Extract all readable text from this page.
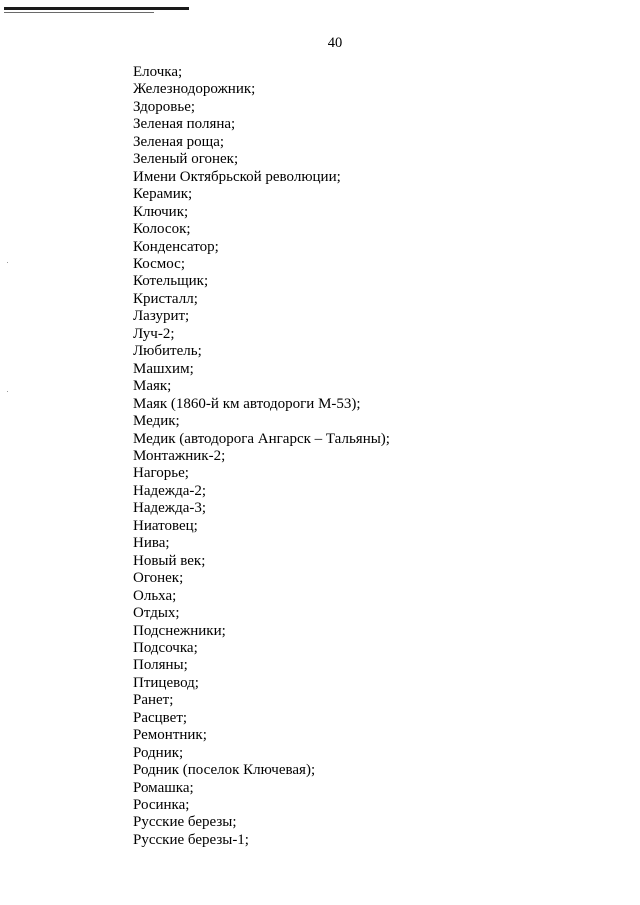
40
Елочка;
Железнодорожник;
Здоровье;
Зеленая поляна;
Зеленая роща;
Зеленый огонек;
Имени Октябрьской революции;
Керамик;
Ключик;
Колосок;
Конденсатор;
Космос;
Котельщик;
Кристалл;
Лазурит;
Луч-2;
Любитель;
Машхим;
Маяк;
Маяк (1860-й км автодороги М-53);
Медик;
Медик (автодорога Ангарск – Тальяны);
Монтажник-2;
Нагорье;
Надежда-2;
Надежда-3;
Ниатовец;
Нива;
Новый век;
Огонек;
Ольха;
Отдых;
Подснежники;
Подсочка;
Поляны;
Птицевод;
Ранет;
Расцвет;
Ремонтник;
Родник;
Родник (поселок Ключевая);
Ромашка;
Росинка;
Русские березы;
Русские березы-1;
